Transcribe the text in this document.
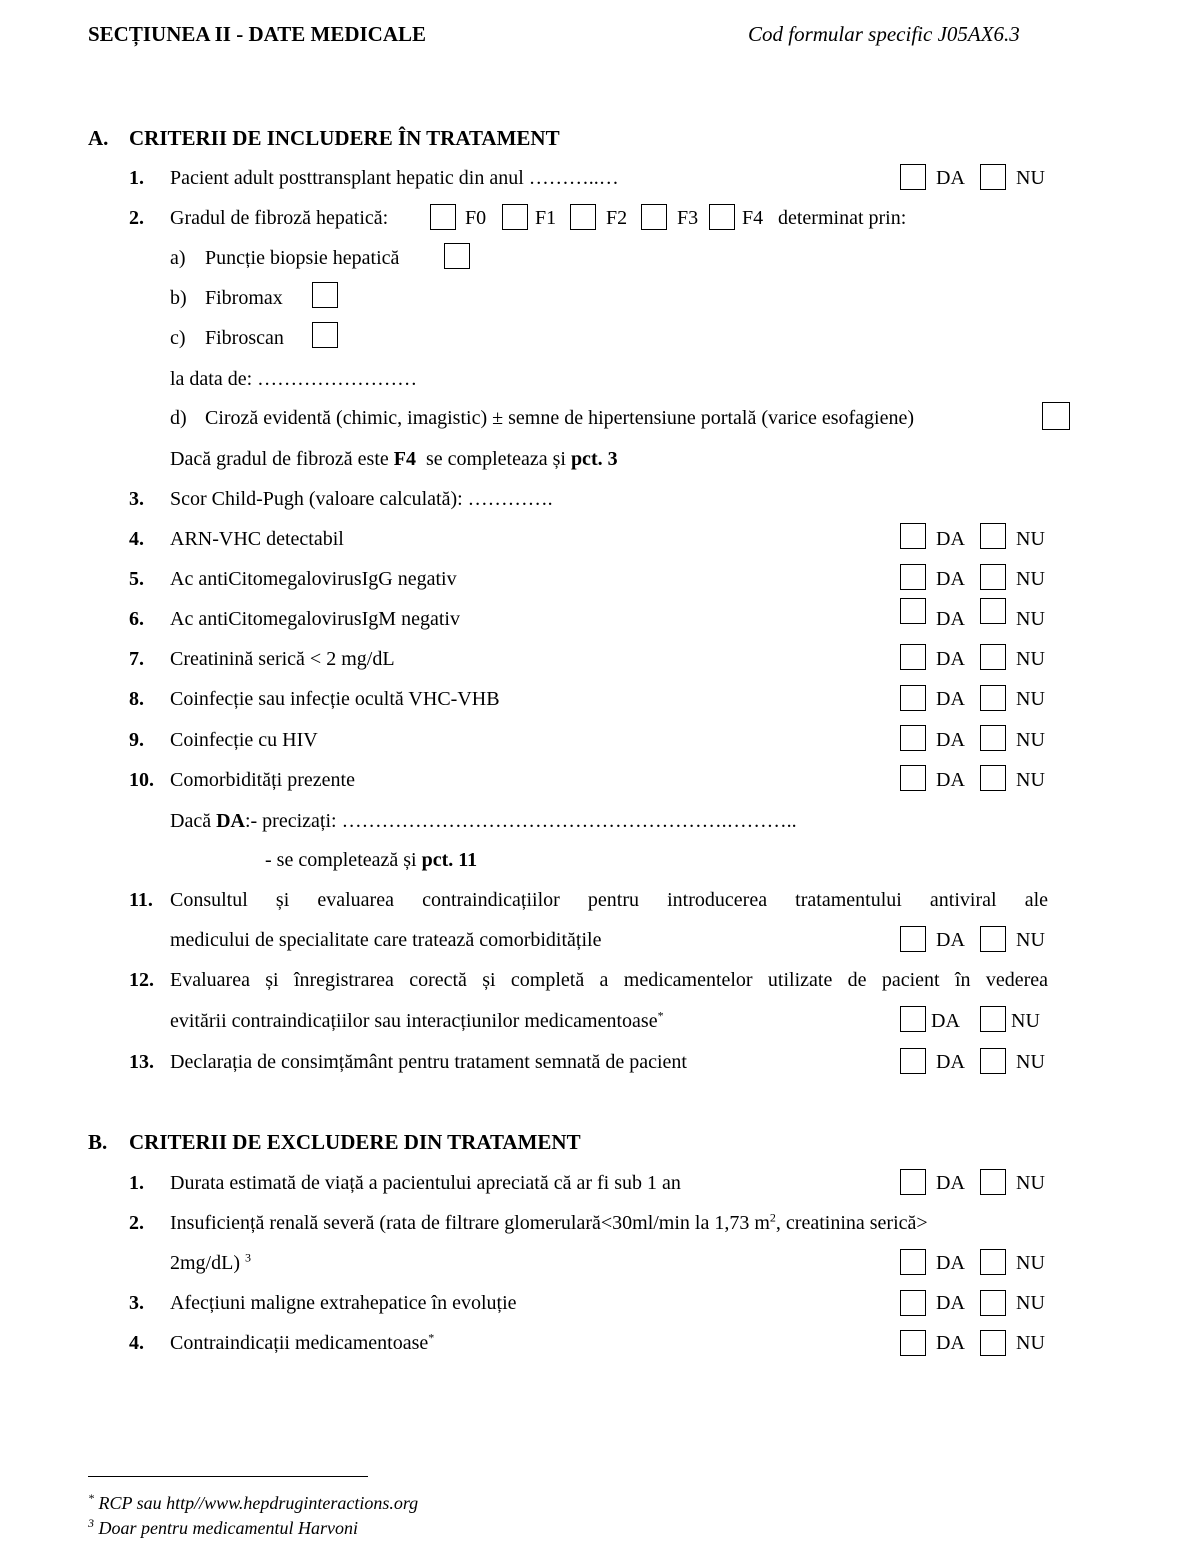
SECȚIUNEA II - DATE MEDICALE	Cod formular specific J05AX6.3
A. CRITERII DE INCLUDERE ÎN TRATAMENT
1. Pacient adult posttransplant hepatic din anul ………..…	DA	NU
2. Gradul de fibroză hepatică:	F0 F1 F2 F3 F4 determinat prin:
a) Puncție biopsie hepatică
b) Fibromax
c) Fibroscan
la data de: ……………………
d) Ciroză evidentă (chimic, imagistic) ± semne de hipertensiune portală (varice esofagiene)
Dacă gradul de fibroză este F4  se completeaza și pct. 3
3. Scor Child-Pugh (valoare calculată): ………….
4. ARN-VHC detectabil	DA	NU
5. Ac antiCitomegalovirusIgG negativ	DA	NU
6. Ac antiCitomegalovirusIgM negativ	DA	NU
7. Creatinină serică < 2 mg/dL	DA	NU
8. Coinfecție sau infecție ocultă VHC-VHB	DA	NU
9. Coinfecție cu HIV	DA	NU
10. Comorbidități prezente	DA	NU
Dacă DA:- precizați: ………………………………………………….………..
- se completează și pct. 11
11. Consultul și evaluarea contraindicațiilor pentru introducerea tratamentului antiviral ale
medicului de specialitate care tratează comorbiditățile	DA	NU
12. Evaluarea și înregistrarea corectă și completă a medicamentelor utilizate de pacient în vederea
evitării contraindicațiilor sau interacțiunilor medicamentoase*	DA	NU
13. Declarația de consimțământ pentru tratament semnată de pacient	DA	NU
B. CRITERII DE EXCLUDERE DIN TRATAMENT
1. Durata estimată de viață a pacientului apreciată că ar fi sub 1 an	DA	NU
2. Insuficiență renală severă (rata de filtrare glomerulară<30ml/min la 1,73 $m^2$, creatinina serică>
2mg/dL) $^3$	DA	NU
3. Afecțiuni maligne extrahepatice în evoluție	DA	NU
4. Contraindicații medicamentoase*	DA	NU
* RCP sau http//www.hepdruginteractions.org
$^3$ Doar pentru medicamentul Harvoni
